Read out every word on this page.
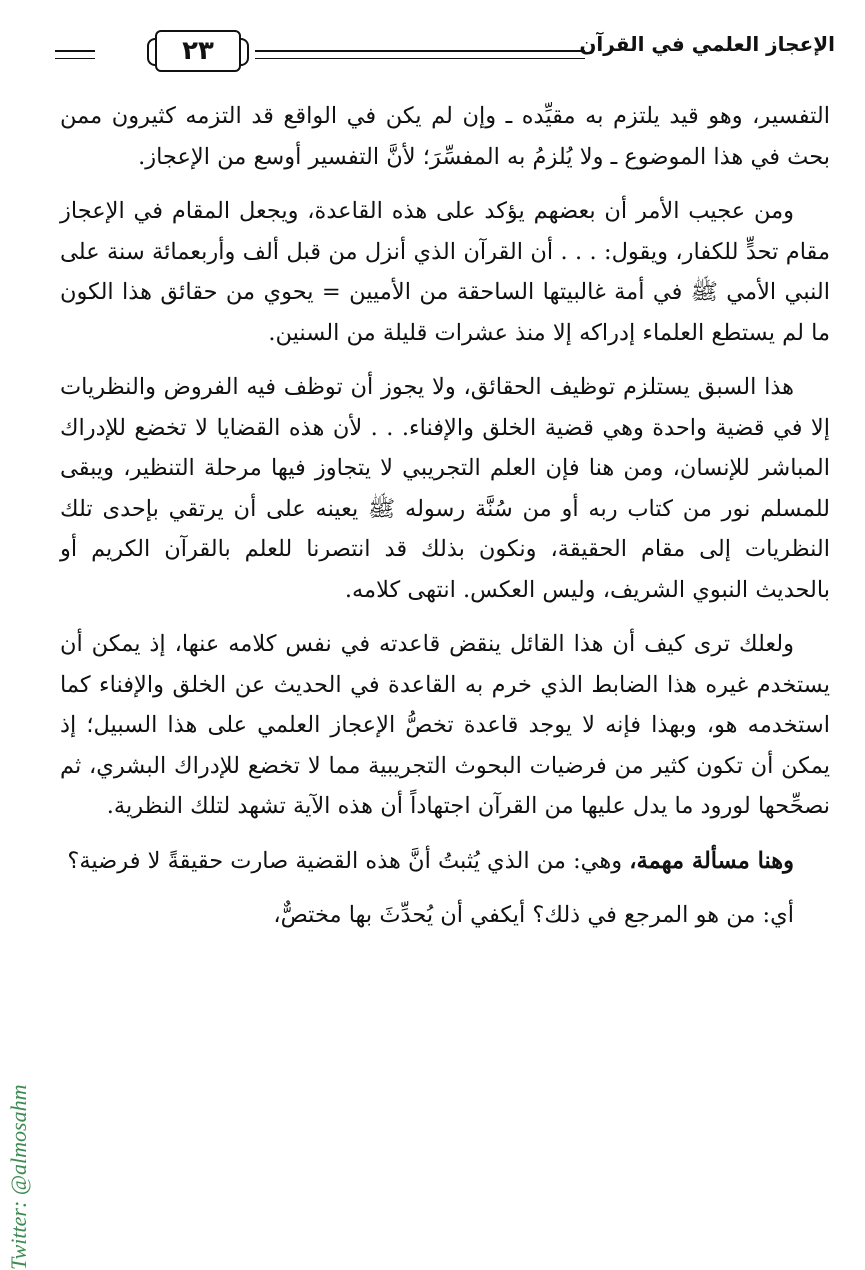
٢٣	الإعجاز العلمي في القرآن

التفسير، وهو قيد يلتزم به مقيِّده ـ وإن لم يكن في الواقع قد التزمه كثيرون ممن بحث في هذا الموضوع ـ ولا يُلزمُ به المفسِّرَ؛ لأنَّ التفسير أوسع من الإعجاز.

ومن عجيب الأمر أن بعضهم يؤكد على هذه القاعدة، ويجعل المقام في الإعجاز مقام تحدٍّ للكفار، ويقول: . . . أن القرآن الذي أنزل من قبل ألف وأربعمائة سنة على النبي الأمي ﷺ في أمة غالبيتها الساحقة من الأميين = يحوي من حقائق هذا الكون ما لم يستطع العلماء إدراكه إلا منذ عشرات قليلة من السنين.

هذا السبق يستلزم توظيف الحقائق، ولا يجوز أن توظف فيه الفروض والنظريات إلا في قضية واحدة وهي قضية الخلق والإفناء. . . لأن هذه القضايا لا تخضع للإدراك المباشر للإنسان، ومن هنا فإن العلم التجريبي لا يتجاوز فيها مرحلة التنظير، ويبقى للمسلم نور من كتاب ربه أو من سُنَّة رسوله ﷺ يعينه على أن يرتقي بإحدى تلك النظريات إلى مقام الحقيقة، ونكون بذلك قد انتصرنا للعلم بالقرآن الكريم أو بالحديث النبوي الشريف، وليس العكس. انتهى كلامه.

ولعلك ترى كيف أن هذا القائل ينقض قاعدته في نفس كلامه عنها، إذ يمكن أن يستخدم غيره هذا الضابط الذي خرم به القاعدة في الحديث عن الخلق والإفناء كما استخدمه هو، وبهذا فإنه لا يوجد قاعدة تخصُّ الإعجاز العلمي على هذا السبيل؛ إذ يمكن أن تكون كثير من فرضيات البحوث التجريبية مما لا تخضع للإدراك البشري، ثم نصحِّحها لورود ما يدل عليها من القرآن اجتهاداً أن هذه الآية تشهد لتلك النظرية.

وهنا مسألة مهمة، وهي: من الذي يُثبتُ أنَّ هذه القضية صارت حقيقةً لا فرضية؟

أي: من هو المرجع في ذلك؟ أيكفي أن يُحدِّثَ بها مختصٌّ،

Twitter: @almosahm
